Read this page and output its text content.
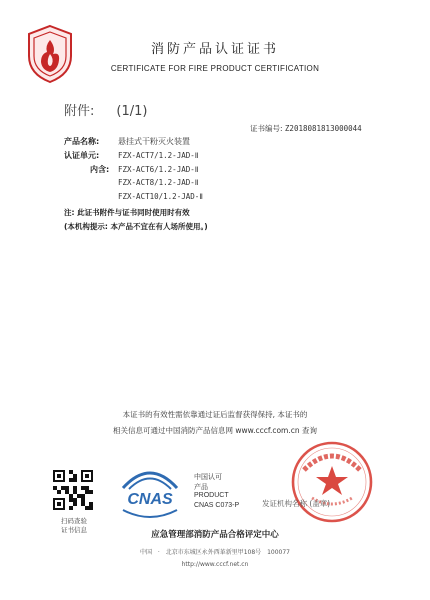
消防产品认证证书
CERTIFICATE FOR FIRE PRODUCT CERTIFICATION
附件: (1/1)
证书编号: Z2018081813000044
产品名称: 悬挂式干粉灭火装置
认证单元:	FZX-ACT7/1.2-JAD-Ⅱ
内含: FZX-ACT6/1.2-JAD-Ⅱ
FZX-ACT8/1.2-JAD-Ⅱ
FZX-ACT10/1.2-JAD-Ⅱ
注: 此证书附件与证书同时使用时有效
(本机构提示: 本产品不宜在有人场所使用。)
本证书的有效性需依靠通过证后监督获得保持, 本证书的
相关信息可通过中国消防产品信息网 www.cccf.com.cn 查询
扫码查验
证书信息
CNAS
中国认可
产品
PRODUCT
CNAS C073-P	发证机构名称 (盖章)
应急管理部消防产品合格评定中心
中国 · 北京市东城区永外西革新里甲108号 100077
http://www.cccf.net.cn
